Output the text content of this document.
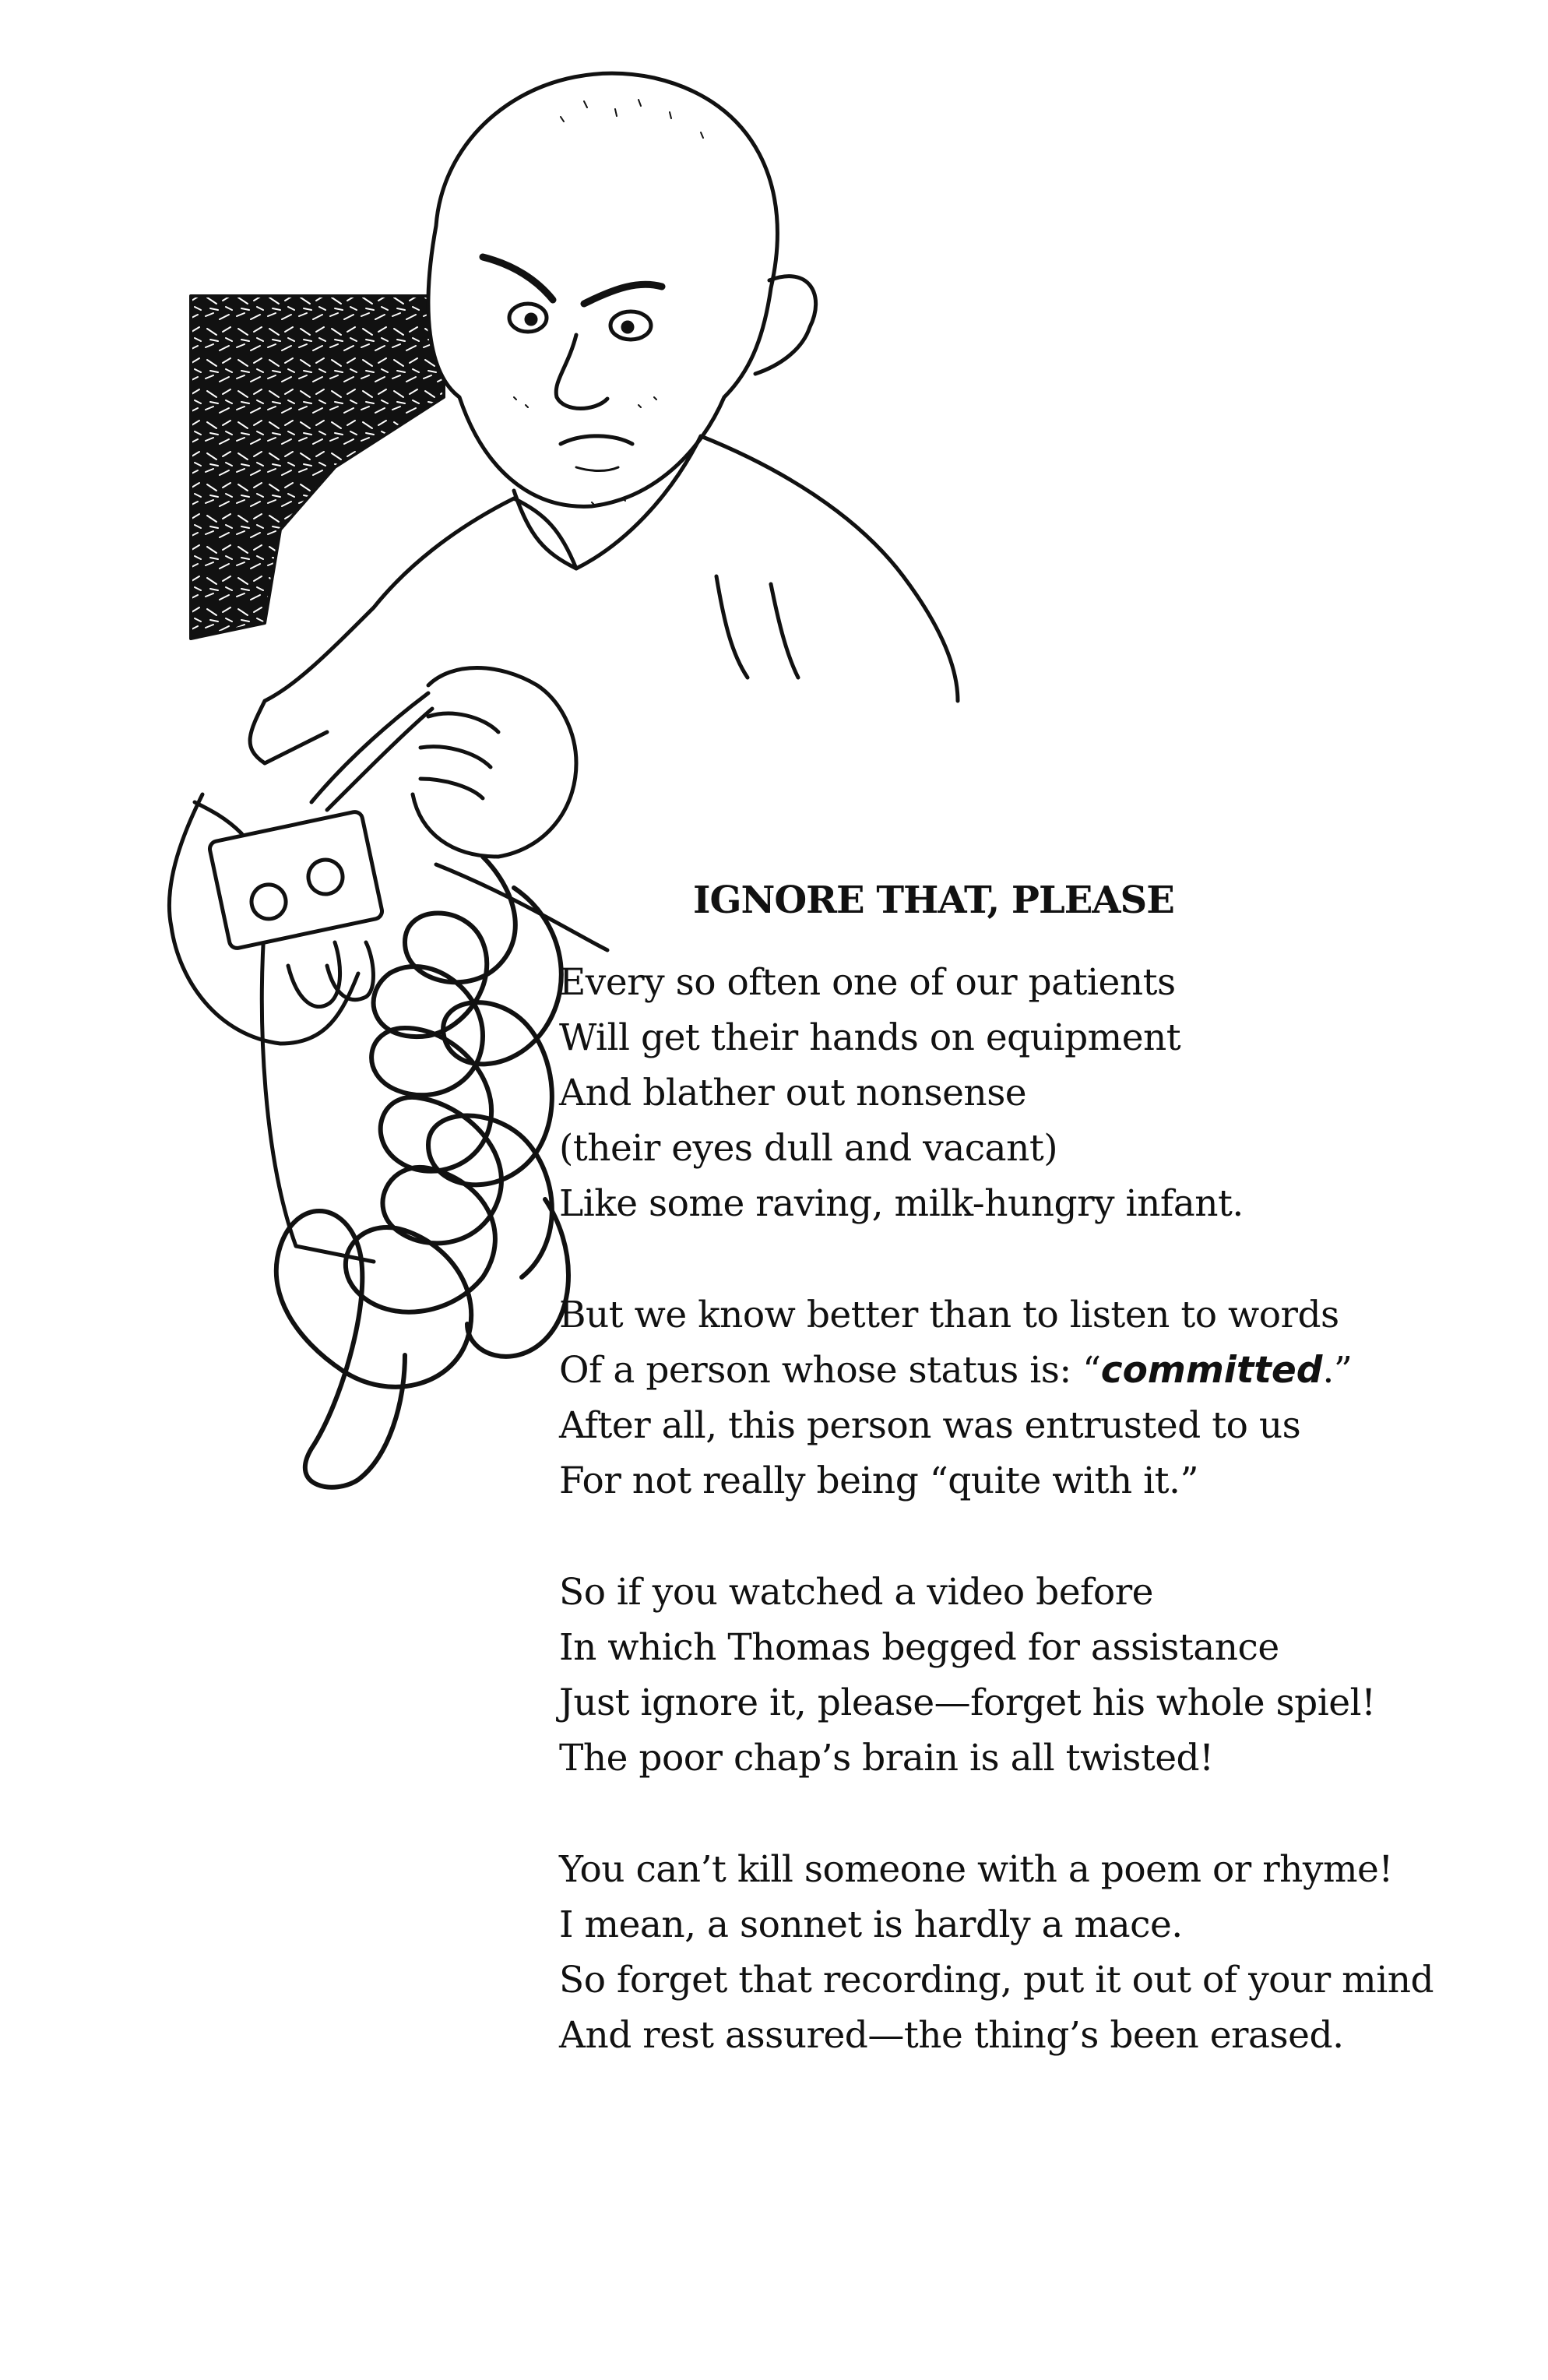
IGNORE THAT, PLEASE
Every so often one of our patients
Will get their hands on equipment
And blather out nonsense
(their eyes dull and vacant)
Like some raving, milk-hungry infant.
But we know better than to listen to words
Of a person whose status is: “committed.”
After all, this person was entrusted to us
For not really being “quite with it.”
So if you watched a video before
In which Thomas begged for assistance
Just ignore it, please—forget his whole spiel!
The poor chap’s brain is all twisted!
You can’t kill someone with a poem or rhyme!
I mean, a sonnet is hardly a mace.
So forget that recording, put it out of your mind
And rest assured—the thing’s been erased.
